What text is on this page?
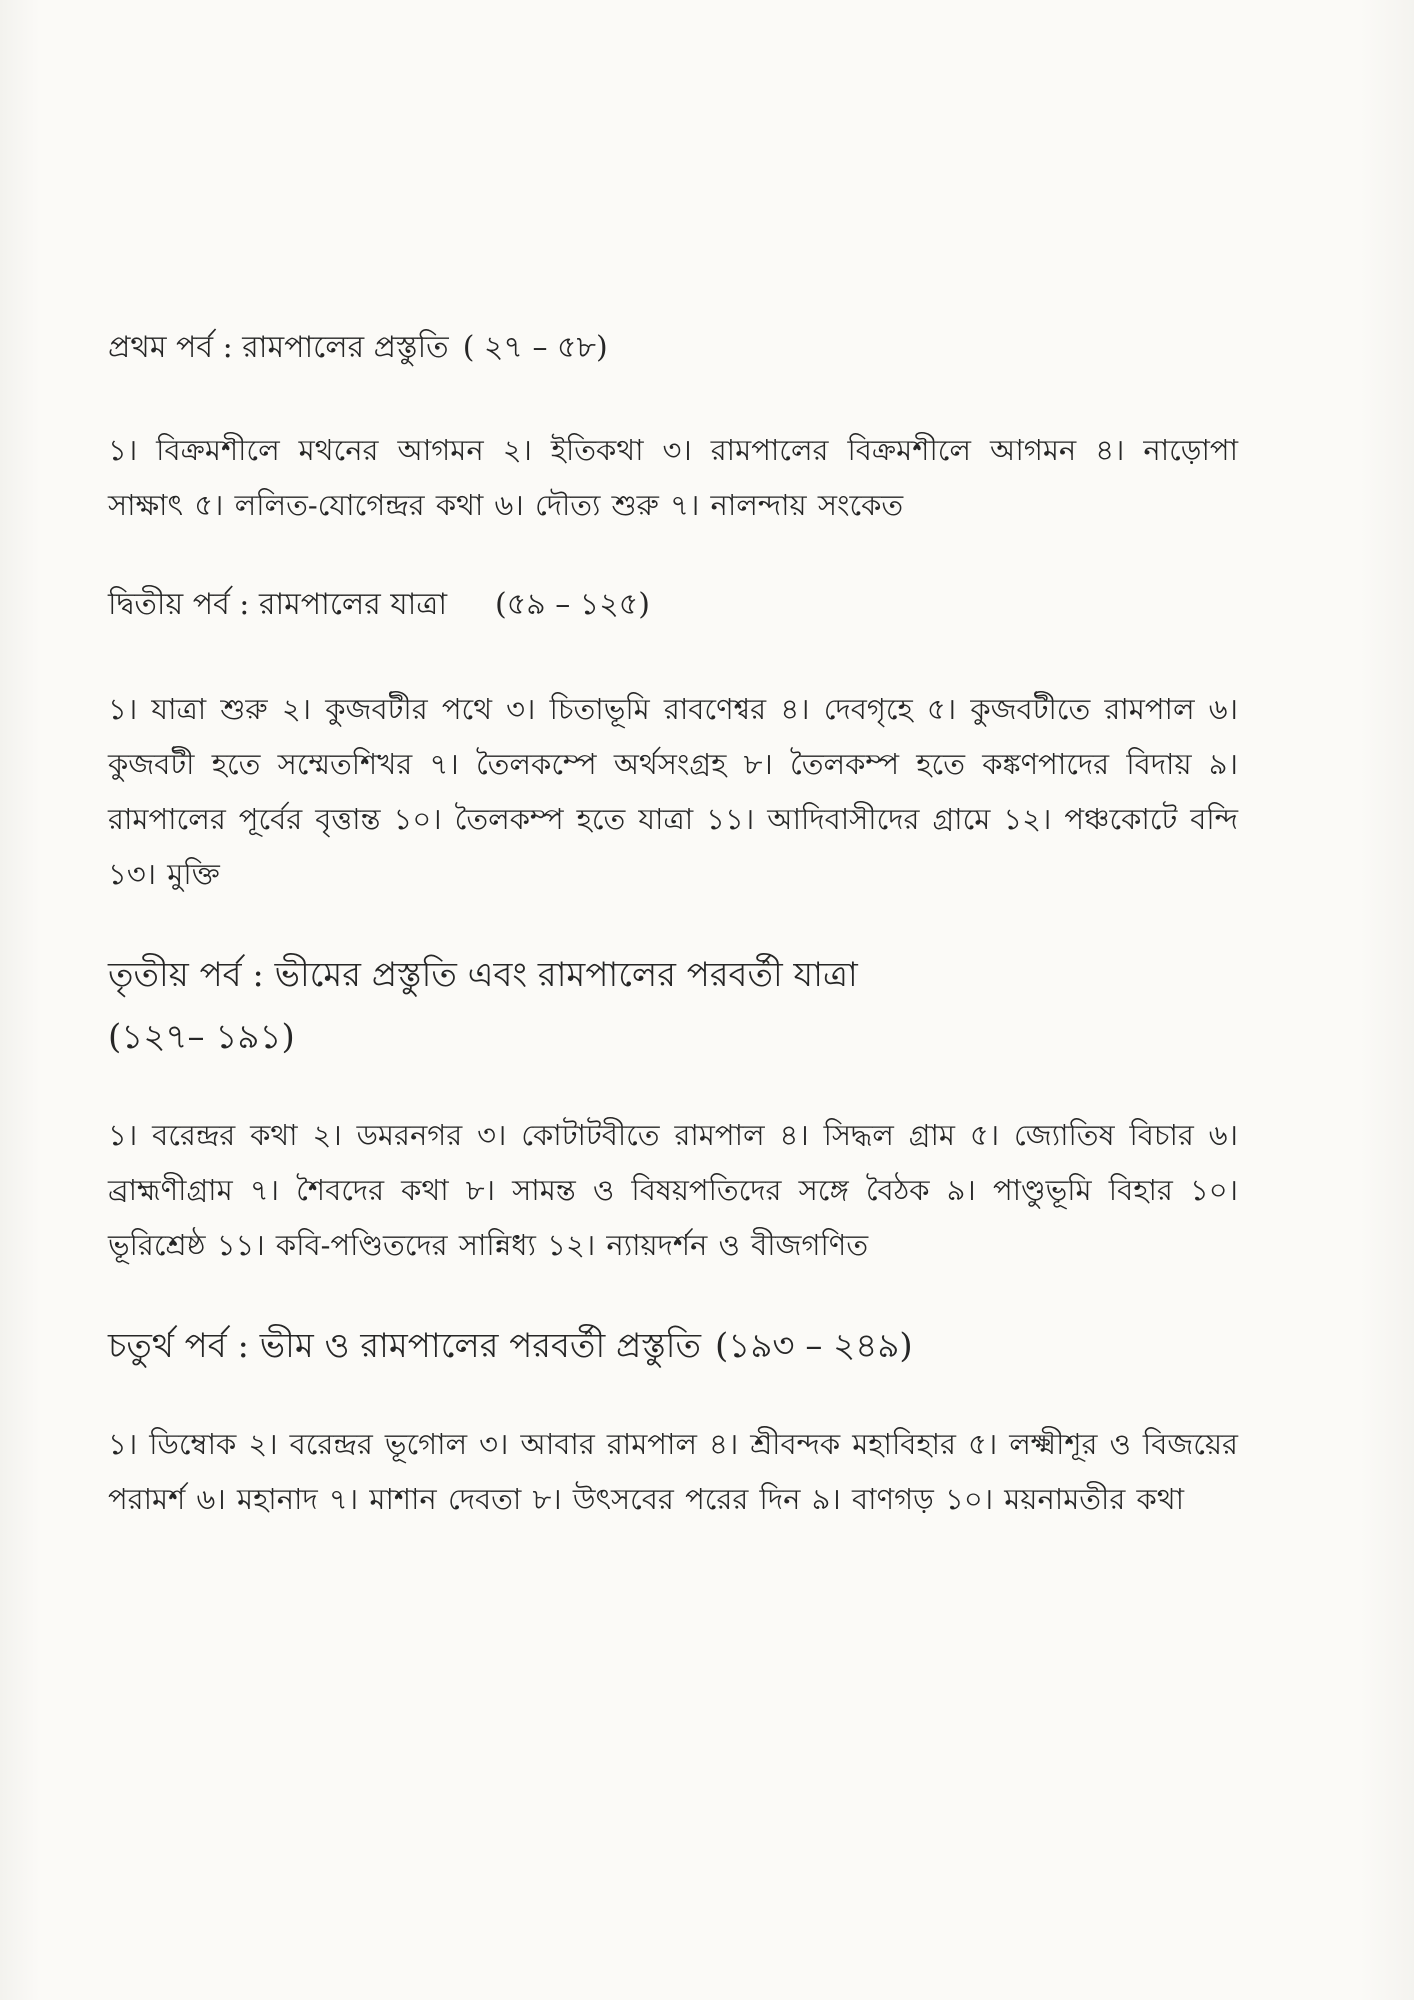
প্রথম পর্ব : রামপালের প্রস্তুতি ( ২৭ – ৫৮)

১। বিক্রমশীলে মথনের আগমন ২। ইতিকথা ৩। রামপালের বিক্রমশীলে আগমন ৪। নাড়োপা সাক্ষাৎ ৫। ললিত-যোগেন্দ্রর কথা ৬। দৌত্য শুরু ৭। নালন্দায় সংকেত

দ্বিতীয় পর্ব : রামপালের যাত্রা (৫৯ – ১২৫)

১। যাত্রা শুরু ২। কুজবটীর পথে ৩। চিতাভূমি রাবণেশ্বর ৪। দেবগৃহে ৫। কুজবটীতে রামপাল ৬। কুজবটী হতে সম্মেতশিখর ৭। তৈলকম্পে অর্থসংগ্রহ ৮। তৈলকম্প হতে কঙ্কণপাদের বিদায় ৯। রামপালের পূর্বের বৃত্তান্ত ১০। তৈলকম্প হতে যাত্রা ১১। আদিবাসীদের গ্রামে ১২। পঞ্চকোটে বন্দি ১৩। মুক্তি

তৃতীয় পর্ব : ভীমের প্রস্তুতি এবং রামপালের পরবর্তী যাত্রা
(১২৭– ১৯১)

১। বরেন্দ্রর কথা ২। ডমরনগর ৩। কোটাটবীতে রামপাল ৪। সিদ্ধল গ্রাম ৫। জ্যোতিষ বিচার ৬। ব্রাহ্মণীগ্রাম ৭। শৈবদের কথা ৮। সামন্ত ও বিষয়পতিদের সঙ্গে বৈঠক ৯। পাণ্ডুভূমি বিহার ১০। ভূরিশ্রেষ্ঠ ১১। কবি-পণ্ডিতদের সান্নিধ্য ১২। ন্যায়দর্শন ও বীজগণিত

চতুর্থ পর্ব : ভীম ও রামপালের পরবর্তী প্রস্তুতি (১৯৩ – ২৪৯)

১। ডিম্বোক ২। বরেন্দ্রর ভূগোল ৩। আবার রামপাল ৪। শ্রীবন্দক মহাবিহার ৫। লক্ষ্মীশূর ও বিজয়ের পরামর্শ ৬। মহানাদ ৭। মাশান দেবতা ৮। উৎসবের পরের দিন ৯। বাণগড় ১০। ময়নামতীর কথা
